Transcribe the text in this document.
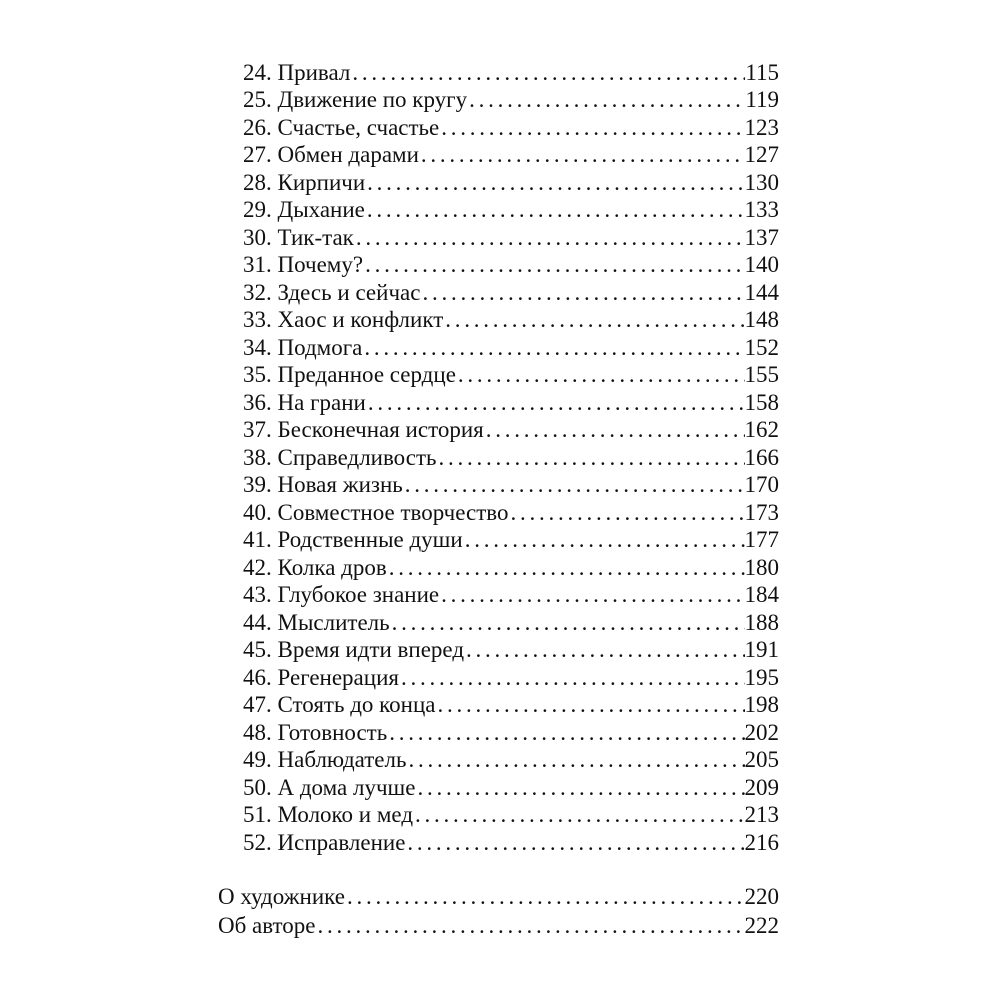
24. Привал . . .	115
25. Движение по кругу . . .	119
26. Счастье, счастье . . .	123
27. Обмен дарами . . .	127
28. Кирпичи . . .	130
29. Дыхание . . .	133
30. Тик-так . . .	137
31. Почему? . . .	140
32. Здесь и сейчас . . .	144
33. Хаос и конфликт . . .	148
34. Подмога . . .	152
35. Преданное сердце . . .	155
36. На грани . . .	158
37. Бесконечная история . . .	162
38. Справедливость . . .	166
39. Новая жизнь . . .	170
40. Совместное творчество . . .	173
41. Родственные души . . .	177
42. Колка дров . . .	180
43. Глубокое знание . . .	184
44. Мыслитель . . .	188
45. Время идти вперед . . .	191
46. Регенерация . . .	195
47. Стоять до конца . . .	198
48. Готовность . . .	202
49. Наблюдатель . . .	205
50. А дома лучше . . .	209
51. Молоко и мед . . .	213
52. Исправление . . .	216
О художнике . . .	220
Об авторе . . .	222
